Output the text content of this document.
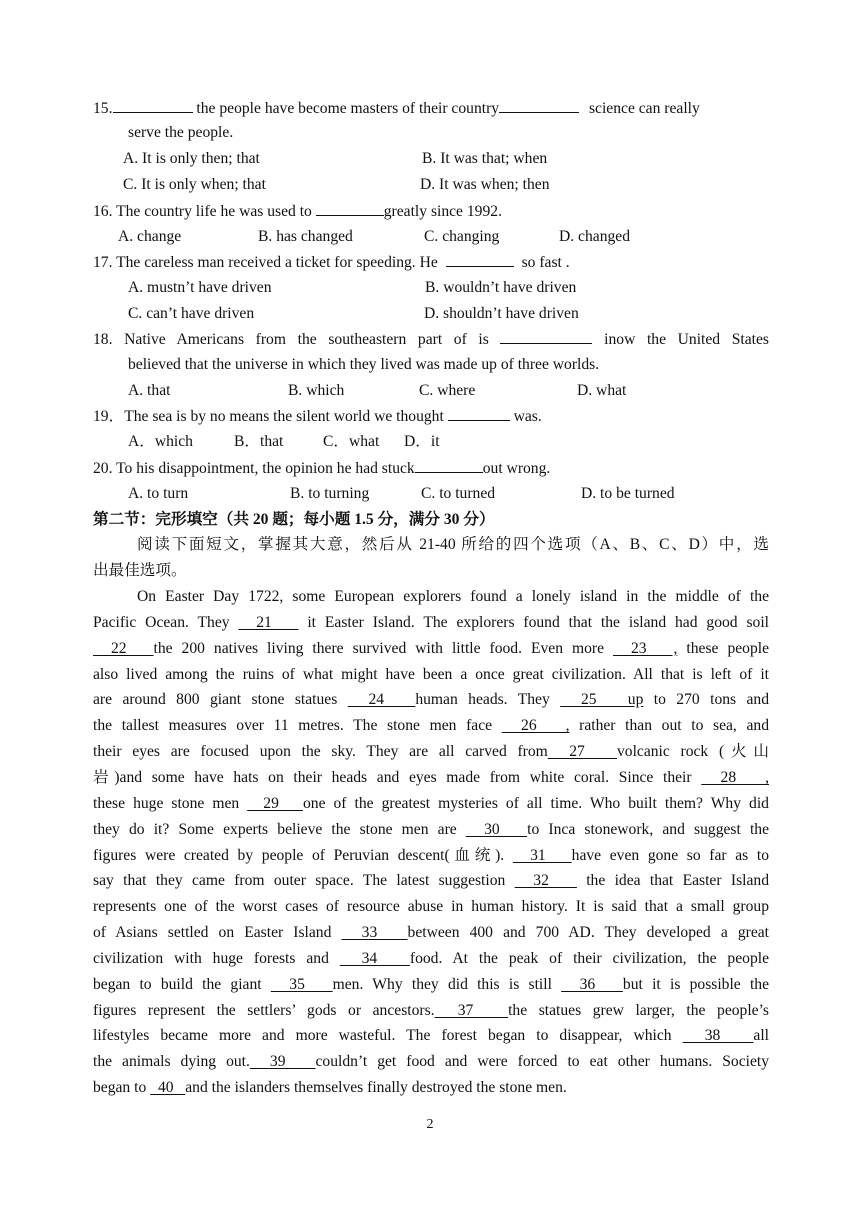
15.	the people have become masters of their country	science can really
serve the people.
A. It is only then; that	B. It was that; when
C. It is only when; that	D. It was when; then
16. The country life he was used to	greatly since 1992.
A. change	B. has changed	C. changing	D. changed
17. The careless man received a ticket for speeding. He	so fast .
A. mustn’t have driven	B. wouldn’t have driven
C. can’t have driven	D. shouldn’t have driven
18. Native Americans from the southeastern part of is	inow the United States
believed that the universe in which they lived was made up of three worlds.
A. that	B. which	C. where	D. what
19．The sea is by no means the silent world we thought	was.
A．which	B．that	C．what D．it
20. To his disappointment, the opinion he had stuck	out wrong.
A. to turn	B. to turning	C. to turned	D. to be turned
第二节：完形填空（共 20 题；每小题 1.5 分，满分 30 分）
阅读下面短文，掌握其大意，然后从 21-40 所给的四个选项（A、B、C、D）中，选
出最佳选项。
On Easter Day 1722, some European explorers found a lonely island in the middle of the
Pacific Ocean. They   21    it Easter Island. The explorers found that the island had good soil
22   the 200 natives living there survived with little food. Even more   23   , these people
also lived among the ruins of what might have been a once great civilization. All that is left of it
are around 800 giant stone statues   24   human heads. They   25   up to 270 tons and
the tallest measures over 11 metres. The stone men face   26   , rather than out to sea, and
their eyes are focused upon the sky. They are all carved from  27   volcanic rock (火山
岩)and some have hats on their heads and eyes made from white coral. Since their   28   ,
these huge stone men   29   one of the greatest mysteries of all time. Who built them? Why did
they do it? Some experts believe the stone men are   30   to Inca stonework, and suggest the
figures were created by people of Peruvian descent(血统).   31   have even gone so far as to
say that they came from outer space. The latest suggestion   32    the idea that Easter Island
represents one of the worst cases of resource abuse in human history. It is said that a small group
of Asians settled on Easter Island   33   between 400 and 700 AD. They developed a great
civilization with huge forests and   34   food. At the peak of their civilization, the people
began to build the giant   35   men. Why they did this is still   36   but it is possible the
figures represent the settlers’ gods or ancestors.  37   the statues grew larger, the people’s
lifestyles became more and more wasteful. The forest began to disappear, which   38   all
the animals dying out.  39   couldn’t get food and were forced to eat other humans. Society
began to   40   and the islanders themselves finally destroyed the stone men.
2
